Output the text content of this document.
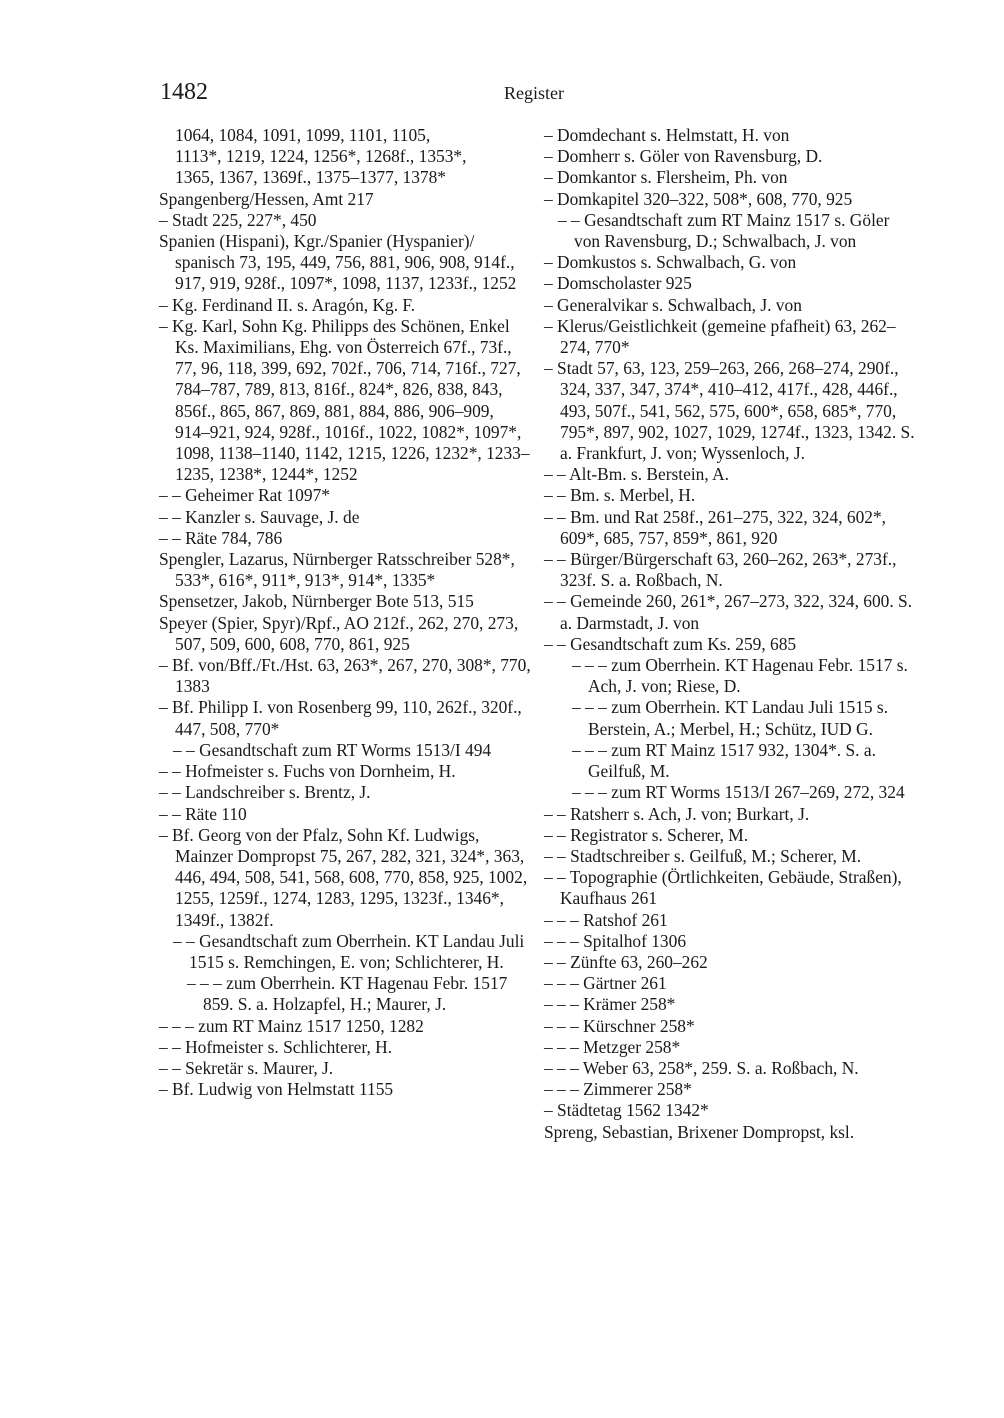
1482	Register

1064, 1084, 1091, 1099, 1101, 1105,

1113*, 1219, 1224, 1256*, 1268f., 1353*,

1365, 1367, 1369f., 1375–1377, 1378*

Spangenberg/Hessen, Amt 217

– Stadt 225, 227*, 450

Spanien (Hispani), Kgr./Spanier (Hyspanier)/ spanisch 73, 195, 449, 756, 881, 906, 908, 914f., 917, 919, 928f., 1097*, 1098, 1137, 1233f., 1252

– Kg. Ferdinand II. s. Aragón, Kg. F.

– Kg. Karl, Sohn Kg. Philipps des Schönen, Enkel Ks. Maximilians, Ehg. von Österreich 67f., 73f., 77, 96, 118, 399, 692, 702f., 706, 714, 716f., 727, 784–787, 789, 813, 816f., 824*, 826, 838, 843, 856f., 865, 867, 869, 881, 884, 886, 906–909, 914–921, 924, 928f., 1016f., 1022, 1082*, 1097*, 1098, 1138–1140, 1142, 1215, 1226, 1232*, 1233–1235, 1238*, 1244*, 1252

– – Geheimer Rat 1097*

– – Kanzler s. Sauvage, J. de

– – Räte 784, 786

Spengler, Lazarus, Nürnberger Ratsschreiber 528*, 533*, 616*, 911*, 913*, 914*, 1335*

Spensetzer, Jakob, Nürnberger Bote 513, 515

Speyer (Spier, Spyr)/Rpf., AO 212f., 262, 270, 273, 507, 509, 600, 608, 770, 861, 925

– Bf. von/Bff./Ft./Hst. 63, 263*, 267, 270, 308*, 770, 1383

– Bf. Philipp I. von Rosenberg 99, 110, 262f., 320f., 447, 508, 770*

– – Gesandtschaft zum RT Worms 1513/I 494

– – Hofmeister s. Fuchs von Dornheim, H.

– – Landschreiber s. Brentz, J.

– – Räte 110

– Bf. Georg von der Pfalz, Sohn Kf. Ludwigs, Mainzer Dompropst 75, 267, 282, 321, 324*, 363, 446, 494, 508, 541, 568, 608, 770, 858, 925, 1002, 1255, 1259f., 1274, 1283, 1295, 1323f., 1346*, 1349f., 1382f.

– – Gesandtschaft zum Oberrhein. KT Landau Juli 1515 s. Remchingen, E. von; Schlichterer, H.

– – – zum Oberrhein. KT Hagenau Febr. 1517 859. S. a. Holzapfel, H.; Maurer, J.

– – – zum RT Mainz 1517 1250, 1282

– – Hofmeister s. Schlichterer, H.

– – Sekretär s. Maurer, J.

– Bf. Ludwig von Helmstatt 1155

– Domdechant s. Helmstatt, H. von

– Domherr s. Göler von Ravensburg, D.

– Domkantor s. Flersheim, Ph. von

– Domkapitel 320–322, 508*, 608, 770, 925

– – Gesandtschaft zum RT Mainz 1517 s. Göler von Ravensburg, D.; Schwalbach, J. von

– Domkustos s. Schwalbach, G. von

– Domscholaster 925

– Generalvikar s. Schwalbach, J. von

– Klerus/Geistlichkeit (gemeine pfafheit) 63, 262–274, 770*

– Stadt 57, 63, 123, 259–263, 266, 268–274, 290f., 324, 337, 347, 374*, 410–412, 417f., 428, 446f., 493, 507f., 541, 562, 575, 600*, 658, 685*, 770, 795*, 897, 902, 1027, 1029, 1274f., 1323, 1342. S. a. Frankfurt, J. von; Wyssenloch, J.

– – Alt-Bm. s. Berstein, A.

– – Bm. s. Merbel, H.

– – Bm. und Rat 258f., 261–275, 322, 324, 602*, 609*, 685, 757, 859*, 861, 920

– – Bürger/Bürgerschaft 63, 260–262, 263*, 273f., 323f. S. a. Roßbach, N.

– – Gemeinde 260, 261*, 267–273, 322, 324, 600. S. a. Darmstadt, J. von

– – Gesandtschaft zum Ks. 259, 685

– – – zum Oberrhein. KT Hagenau Febr. 1517 s. Ach, J. von; Riese, D.

– – – zum Oberrhein. KT Landau Juli 1515 s. Berstein, A.; Merbel, H.; Schütz, IUD G.

– – – zum RT Mainz 1517 932, 1304*. S. a. Geilfuß, M.

– – – zum RT Worms 1513/I 267–269, 272, 324

– – Ratsherr s. Ach, J. von; Burkart, J.

– – Registrator s. Scherer, M.

– – Stadtschreiber s. Geilfuß, M.; Scherer, M.

– – Topographie (Örtlichkeiten, Gebäude, Straßen), Kaufhaus 261

– – – Ratshof 261

– – – Spitalhof 1306

– – Zünfte 63, 260–262

– – – Gärtner 261

– – – Krämer 258*

– – – Kürschner 258*

– – – Metzger 258*

– – – Weber 63, 258*, 259. S. a. Roßbach, N.

– – – Zimmerer 258*

– Städtetag 1562 1342*

Spreng, Sebastian, Brixener Dompropst, ksl.
